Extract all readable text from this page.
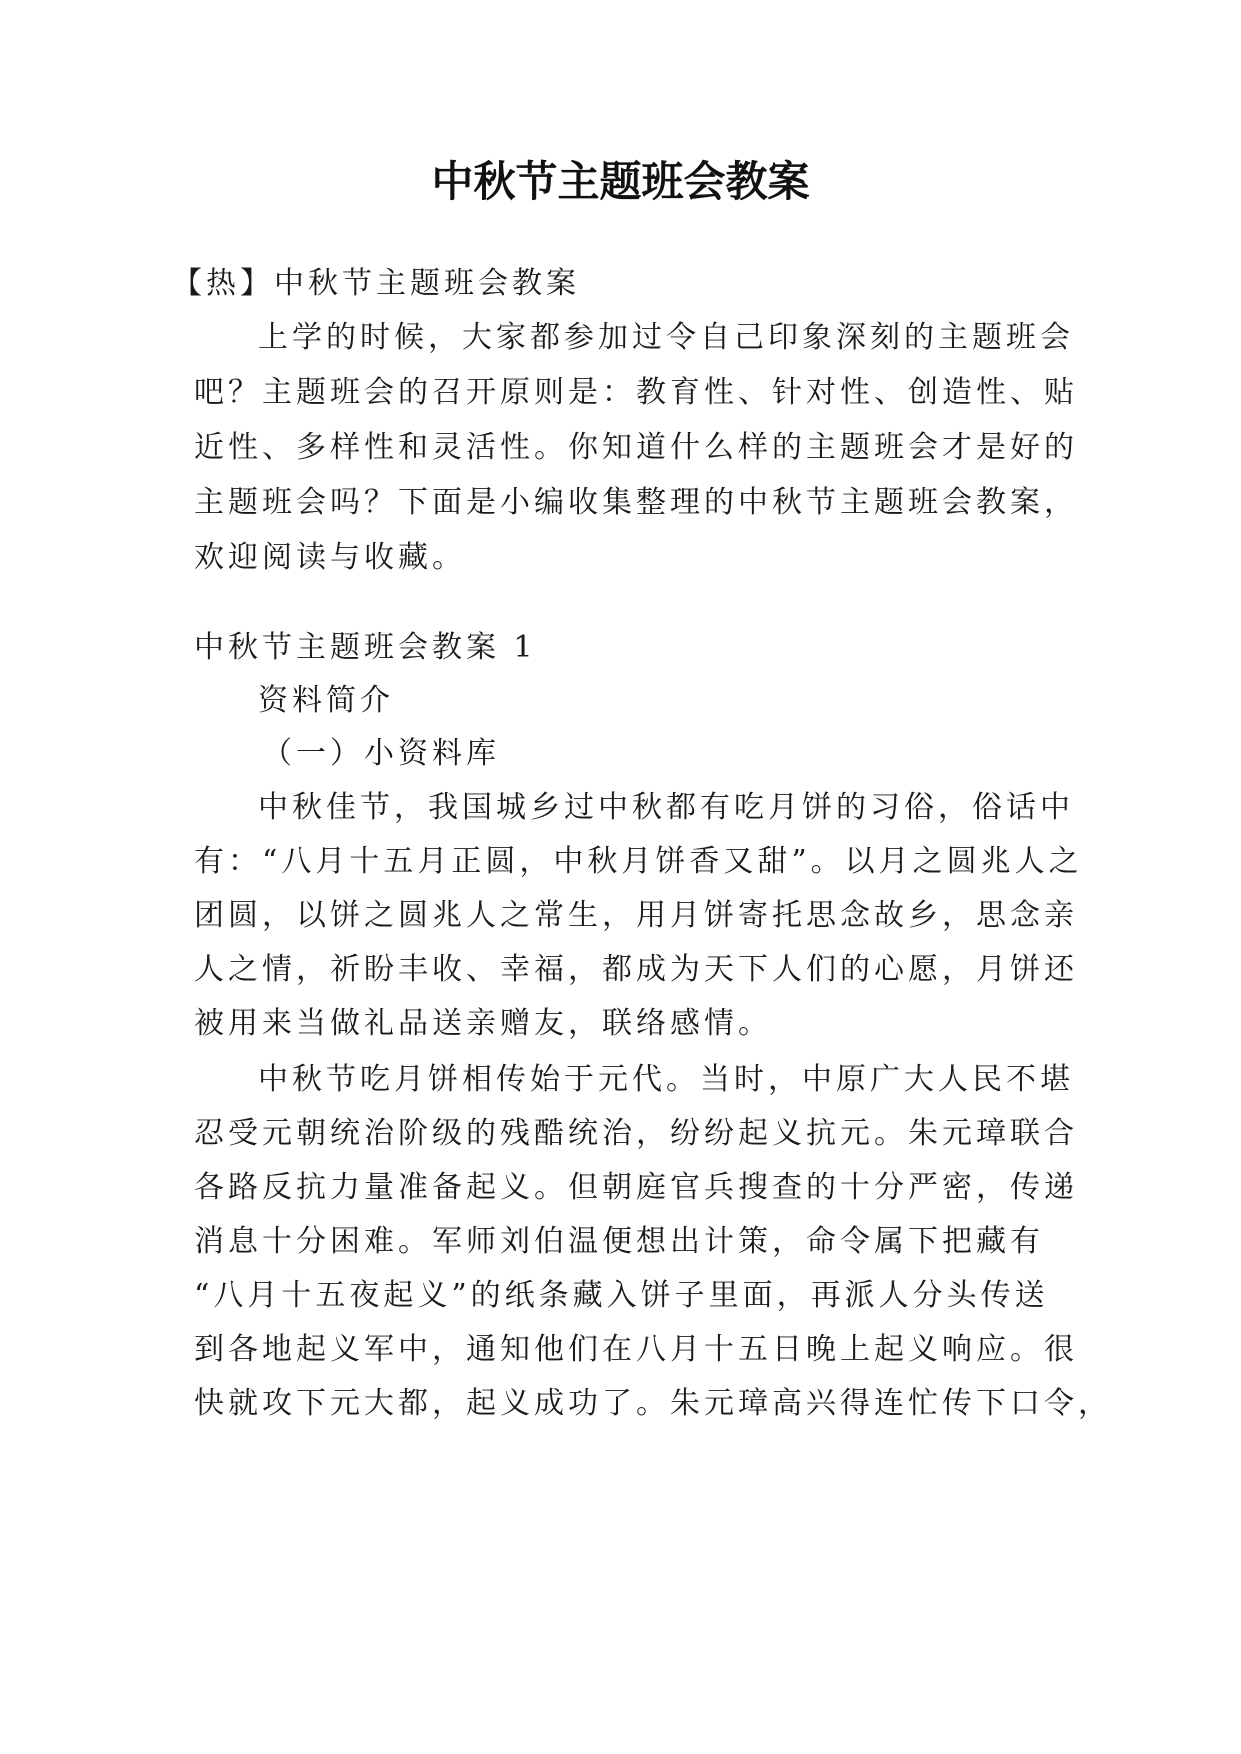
中秋节主题班会教案
【热】中秋节主题班会教案
上学的时候，大家都参加过令自己印象深刻的主题班会
吧？主题班会的召开原则是：教育性、针对性、创造性、贴
近性、多样性和灵活性。你知道什么样的主题班会才是好的
主题班会吗？下面是小编收集整理的中秋节主题班会教案，
欢迎阅读与收藏。
中秋节主题班会教案 1
资料简介
（一）小资料库
中秋佳节，我国城乡过中秋都有吃月饼的习俗，俗话中
有：“八月十五月正圆，中秋月饼香又甜”。以月之圆兆人之
团圆，以饼之圆兆人之常生，用月饼寄托思念故乡，思念亲
人之情，祈盼丰收、幸福，都成为天下人们的心愿，月饼还
被用来当做礼品送亲赠友，联络感情。
中秋节吃月饼相传始于元代。当时，中原广大人民不堪
忍受元朝统治阶级的残酷统治，纷纷起义抗元。朱元璋联合
各路反抗力量准备起义。但朝庭官兵搜查的十分严密，传递
消息十分困难。军师刘伯温便想出计策，命令属下把藏有
“八月十五夜起义”的纸条藏入饼子里面，再派人分头传送
到各地起义军中，通知他们在八月十五日晚上起义响应。很
快就攻下元大都，起义成功了。朱元璋高兴得连忙传下口令，
